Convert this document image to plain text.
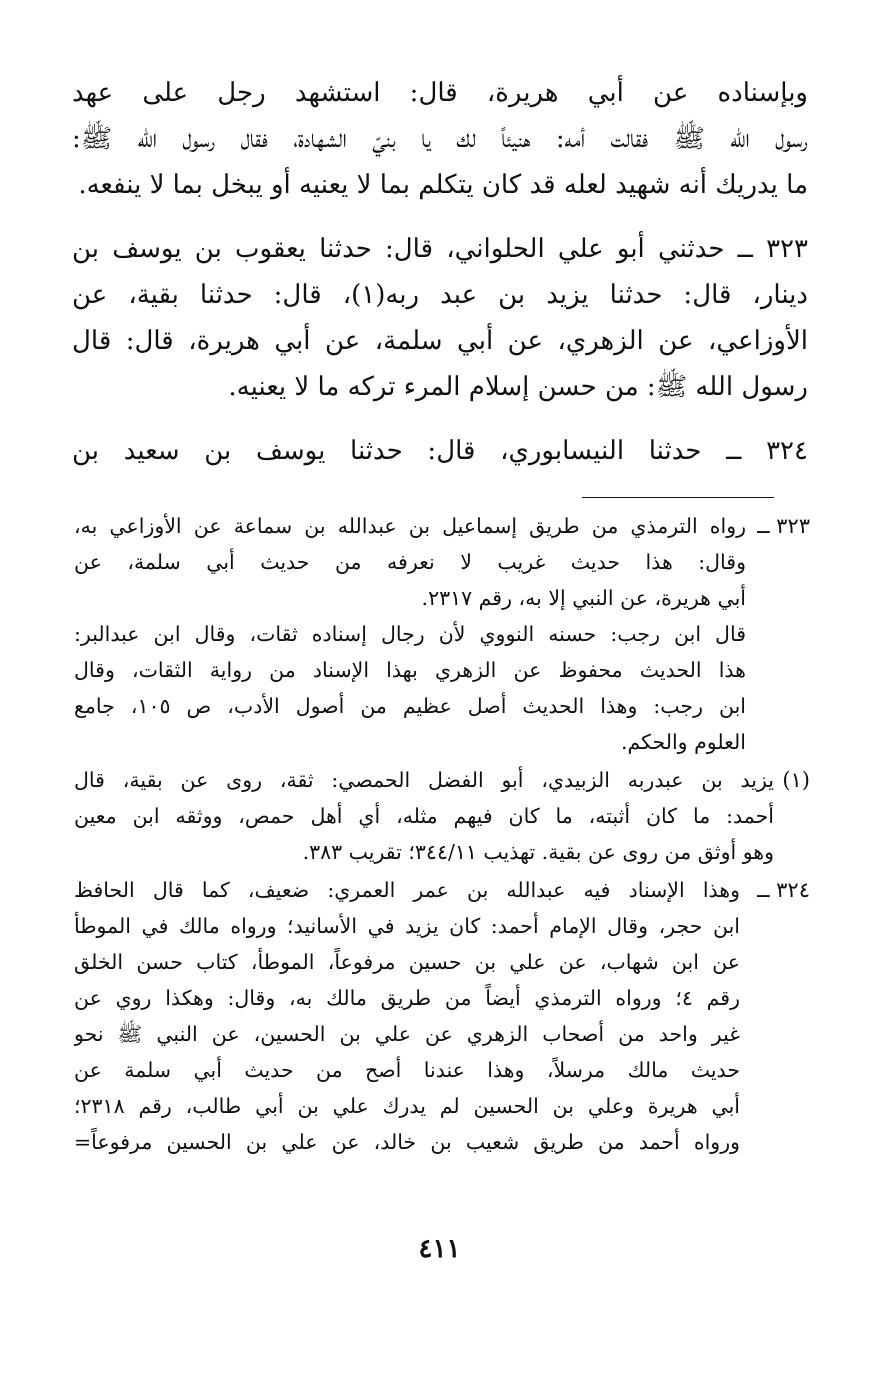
وبإسناده عن أبي هريرة، قال: استشهد رجل على عهد
رسول الله ﷺ فقالت أمه: هنيئاً لك يا بنيّ الشهادة، فقال رسول الله ﷺ:
ما يدريك أنه شهيد لعله قد كان يتكلم بما لا يعنيه أو يبخل بما لا ينفعه.
٣٢٣ ــ حدثني أبو علي الحلواني، قال: حدثنا يعقوب بن يوسف بن
دينار، قال: حدثنا يزيد بن عبد ربه(١)، قال: حدثنا بقية، عن
الأوزاعي، عن الزهري، عن أبي سلمة، عن أبي هريرة، قال: قال
رسول الله ﷺ: من حسن إسلام المرء تركه ما لا يعنيه.
٣٢٤ ــ حدثنا النيسابوري، قال: حدثنا يوسف بن سعيد بن
٣٢٣ ــ
رواه الترمذي من طريق إسماعيل بن عبدالله بن سماعة عن الأوزاعي به،
وقال: هذا حديث غريب لا نعرفه من حديث أبي سلمة، عن
أبي هريرة، عن النبي إلا به، رقم ٢٣١٧.
قال ابن رجب: حسنه النووي لأن رجال إسناده ثقات، وقال ابن عبدالبر:
هذا الحديث محفوظ عن الزهري بهذا الإسناد من رواية الثقات، وقال
ابن رجب: وهذا الحديث أصل عظيم من أصول الأدب، ص ١٠٥، جامع
العلوم والحكم.
(١)
يزيد بن عبدربه الزبيدي، أبو الفضل الحمصي: ثقة، روى عن بقية، قال
أحمد: ما كان أثبته، ما كان فيهم مثله، أي أهل حمص، ووثقه ابن معين
وهو أوثق من روى عن بقية. تهذيب ٣٤٤/١١؛ تقريب ٣٨٣.
٣٢٤ ــ
وهذا الإسناد فيه عبدالله بن عمر العمري: ضعيف، كما قال الحافظ
ابن حجر، وقال الإمام أحمد: كان يزيد في الأسانيد؛ ورواه مالك في الموطأ
عن ابن شهاب، عن علي بن حسين مرفوعاً، الموطأ، كتاب حسن الخلق
رقم ٤؛ ورواه الترمذي أيضاً من طريق مالك به، وقال: وهكذا روي عن
غير واحد من أصحاب الزهري عن علي بن الحسين، عن النبي ﷺ نحو
حديث مالك مرسلاً، وهذا عندنا أصح من حديث أبي سلمة عن
أبي هريرة وعلي بن الحسين لم يدرك علي بن أبي طالب، رقم ٢٣١٨؛
ورواه أحمد من طريق شعيب بن خالد، عن علي بن الحسين مرفوعاً=
٤١١
